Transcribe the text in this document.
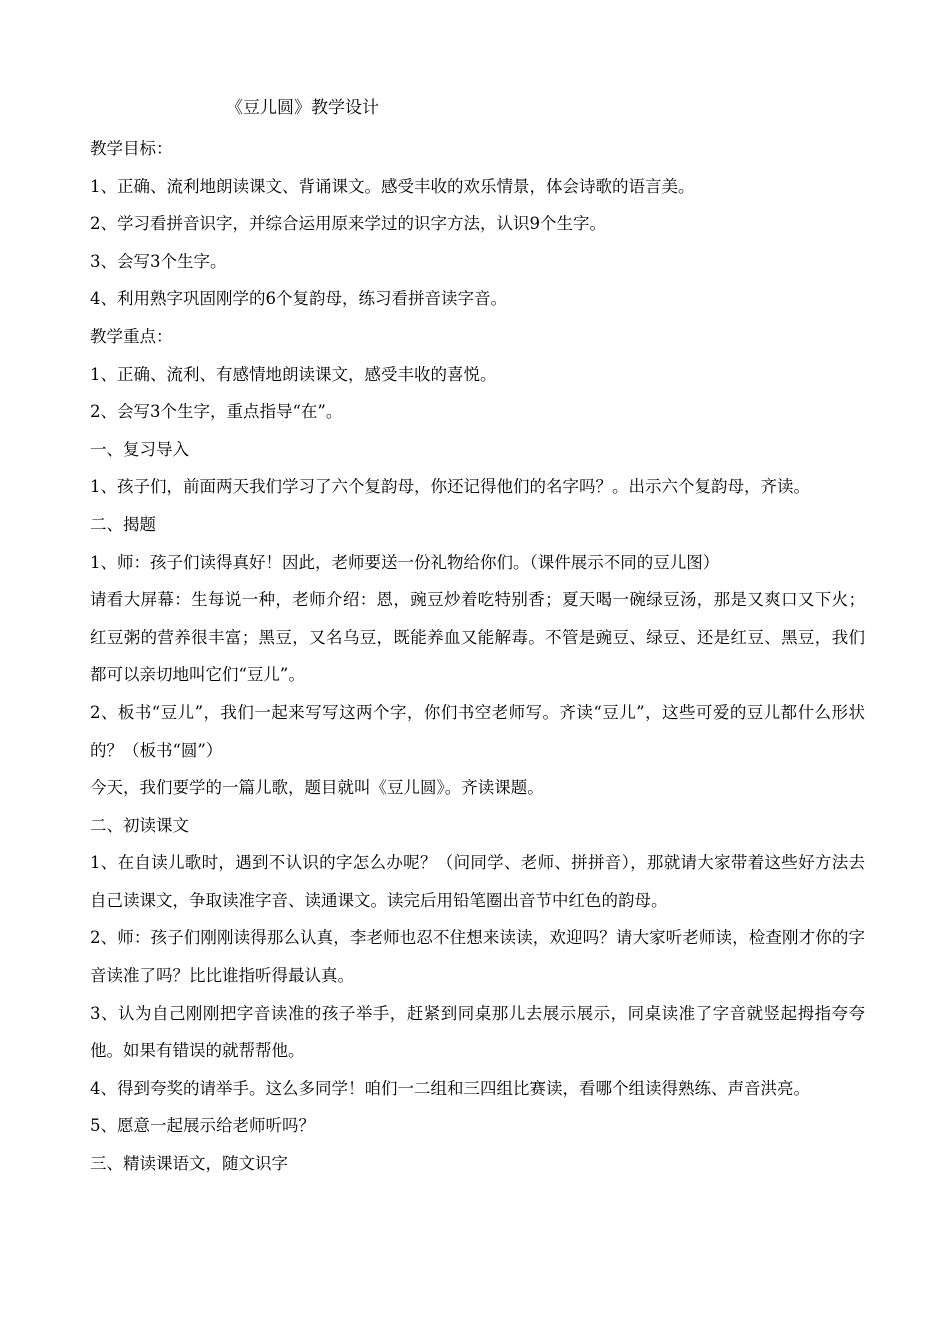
《豆儿圆》教学设计
教学目标：
1、正确、流利地朗读课文、背诵课文。感受丰收的欢乐情景，体会诗歌的语言美。
2、学习看拼音识字，并综合运用原来学过的识字方法，认识9个生字。
3、会写3个生字。
4、利用熟字巩固刚学的6个复韵母，练习看拼音读字音。
教学重点：
1、正确、流利、有感情地朗读课文，感受丰收的喜悦。
2、会写3个生字，重点指导“在”。
一、复习导入
1、孩子们，前面两天我们学习了六个复韵母，你还记得他们的名字吗？。出示六个复韵母，齐读。
二、揭题
1、师：孩子们读得真好！因此，老师要送一份礼物给你们。（课件展示不同的豆儿图）
请看大屏幕：生每说一种，老师介绍：恩，豌豆炒着吃特别香；夏天喝一碗绿豆汤，那是又爽口又下火；红豆粥的营养很丰富；黑豆，又名乌豆，既能养血又能解毒。不管是豌豆、绿豆、还是红豆、黑豆，我们都可以亲切地叫它们“豆儿”。
2、板书“豆儿”，我们一起来写写这两个字，你们书空老师写。齐读“豆儿”，这些可爱的豆儿都什么形状的？（板书“圆”）
今天，我们要学的一篇儿歌，题目就叫《豆儿圆》。齐读课题。
二、初读课文
1、在自读儿歌时，遇到不认识的字怎么办呢？（问同学、老师、拼拼音），那就请大家带着这些好方法去自己读课文，争取读准字音、读通课文。读完后用铅笔圈出音节中红色的韵母。
2、师：孩子们刚刚读得那么认真，李老师也忍不住想来读读，欢迎吗？请大家听老师读，检查刚才你的字音读准了吗？比比谁指听得最认真。
3、认为自己刚刚把字音读准的孩子举手，赶紧到同桌那儿去展示展示，同桌读准了字音就竖起拇指夸夸他。如果有错误的就帮帮他。
4、得到夸奖的请举手。这么多同学！咱们一二组和三四组比赛读，看哪个组读得熟练、声音洪亮。
5、愿意一起展示给老师听吗？
三、精读课语文，随文识字
